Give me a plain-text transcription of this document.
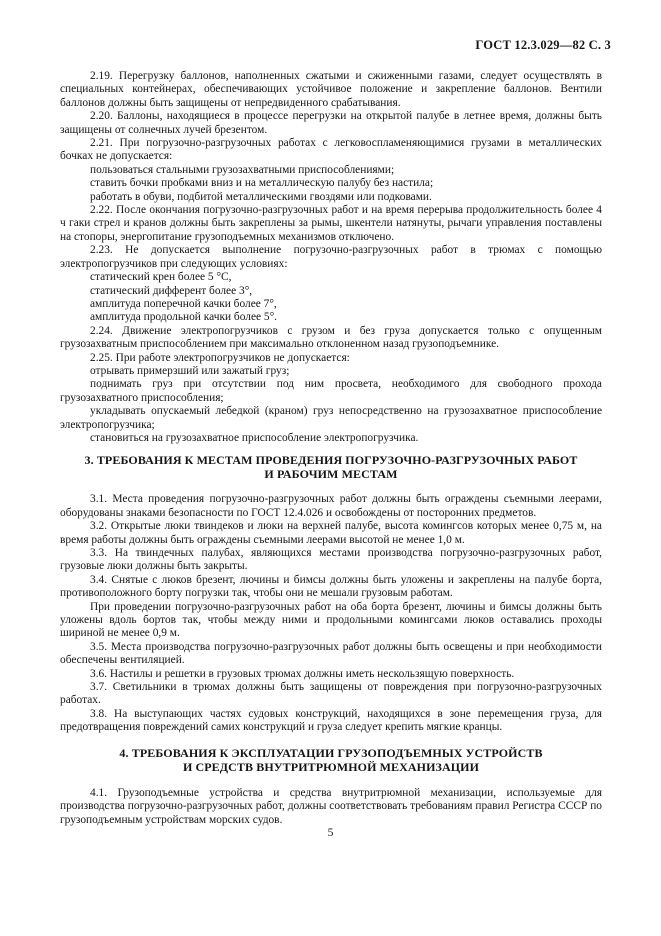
ГОСТ 12.3.029—82 С. 3

2.19. Перегрузку баллонов, наполненных сжатыми и сжиженными газами, следует осуществлять в специальных контейнерах, обеспечивающих устойчивое положение и закрепление баллонов. Вентили баллонов должны быть защищены от непредвиденного срабатывания.

2.20. Баллоны, находящиеся в процессе перегрузки на открытой палубе в летнее время, должны быть защищены от солнечных лучей брезентом.

2.21. При погрузочно-разгрузочных работах с легковоспламеняющимися грузами в металлических бочках не допускается:

пользоваться стальными грузозахватными приспособлениями;

ставить бочки пробками вниз и на металлическую палубу без настила;

работать в обуви, подбитой металлическими гвоздями или подковами.

2.22. После окончания погрузочно-разгрузочных работ и на время перерыва продолжительность более 4 ч гаки стрел и кранов должны быть закреплены за рымы, шкентели натянуты, рычаги управления поставлены на стопоры, энергопитание грузоподъемных механизмов отключено.

2.23. Не допускается выполнение погрузочно-разгрузочных работ в трюмах с помощью электропогрузчиков при следующих условиях:

статический крен более 5 °С,

статический дифферент более 3°,

амплитуда поперечной качки более 7°,

амплитуда продольной качки более 5°.

2.24. Движение электропогрузчиков с грузом и без груза допускается только с опущенным грузозахватным приспособлением при максимально отклоненном назад грузоподъемнике.

2.25. При работе электропогрузчиков не допускается:

отрывать примерзший или зажатый груз;

поднимать груз при отсутствии под ним просвета, необходимого для свободного прохода грузозахватного приспособления;

укладывать опускаемый лебедкой (краном) груз непосредственно на грузозахватное приспособление электропогрузчика;

становиться на грузозахватное приспособление электропогрузчика.

3. ТРЕБОВАНИЯ К МЕСТАМ ПРОВЕДЕНИЯ ПОГРУЗОЧНО-РАЗГРУЗОЧНЫХ РАБОТ
И РАБОЧИМ МЕСТАМ

3.1. Места проведения погрузочно-разгрузочных работ должны быть ограждены съемными леерами, оборудованы знаками безопасности по ГОСТ 12.4.026 и освобождены от посторонних предметов.

3.2. Открытые люки твиндеков и люки на верхней палубе, высота комингсов которых менее 0,75 м, на время работы должны быть ограждены съемными леерами высотой не менее 1,0 м.

3.3. На твиндечных палубах, являющихся местами производства погрузочно-разгрузочных работ, грузовые люки должны быть закрыты.

3.4. Снятые с люков брезент, лючины и бимсы должны быть уложены и закреплены на палубе борта, противоположного борту погрузки так, чтобы они не мешали грузовым работам.

При проведении погрузочно-разгрузочных работ на оба борта брезент, лючины и бимсы должны быть уложены вдоль бортов так, чтобы между ними и продольными комингсами люков оставались проходы шириной не менее 0,9 м.

3.5. Места производства погрузочно-разгрузочных работ должны быть освещены и при необходимости обеспечены вентиляцией.

3.6. Настилы и решетки в грузовых трюмах должны иметь нескользящую поверхность.

3.7. Светильники в трюмах должны быть защищены от повреждения при погрузочно-разгрузочных работах.

3.8. На выступающих частях судовых конструкций, находящихся в зоне перемещения груза, для предотвращения повреждений самих конструкций и груза следует крепить мягкие кранцы.

4. ТРЕБОВАНИЯ К ЭКСПЛУАТАЦИИ ГРУЗОПОДЪЕМНЫХ УСТРОЙСТВ
И СРЕДСТВ ВНУТРИТРЮМНОЙ МЕХАНИЗАЦИИ

4.1. Грузоподъемные устройства и средства внутритрюмной механизации, используемые для производства погрузочно-разгрузочных работ, должны соответствовать требованиям правил Регистра СССР по грузоподъемным устройствам морских судов.

5
